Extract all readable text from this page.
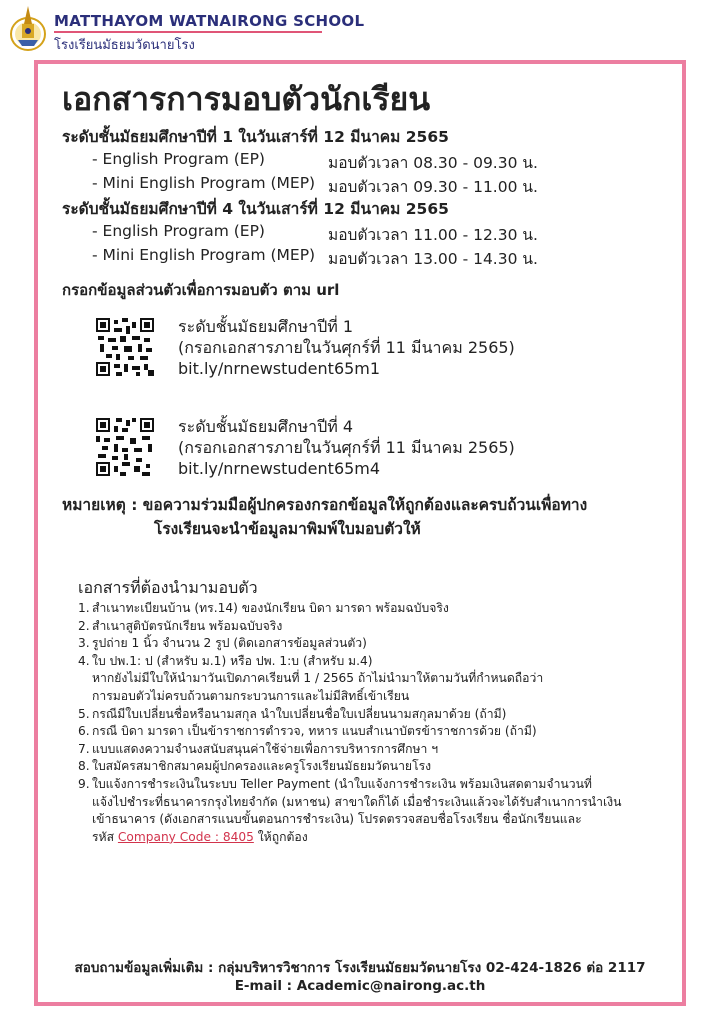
MATTHAYOM WATNAIRONG SCHOOL
โรงเรียนมัธยมวัดนายโรง
เอกสารการมอบตัวนักเรียน
ระดับชั้นมัธยมศึกษาปีที่ 1 ในวันเสาร์ที่ 12 มีนาคม 2565
- English Program (EP)	มอบตัวเวลา 08.30 - 09.30 น.
- Mini English Program (MEP) มอบตัวเวลา 09.30 - 11.00 น.
ระดับชั้นมัธยมศึกษาปีที่ 4 ในวันเสาร์ที่ 12 มีนาคม 2565
- English Program (EP)	มอบตัวเวลา 11.00 - 12.30 น.
- Mini English Program (MEP) มอบตัวเวลา 13.00 - 14.30 น.
กรอกข้อมูลส่วนตัวเพื่อการมอบตัว ตาม url
ระดับชั้นมัธยมศึกษาปีที่ 1
(กรอกเอกสารภายในวันศุกร์ที่ 11 มีนาคม 2565)
bit.ly/nrnewstudent65m1
ระดับชั้นมัธยมศึกษาปีที่ 4
(กรอกเอกสารภายในวันศุกร์ที่ 11 มีนาคม 2565)
bit.ly/nrnewstudent65m4
หมายเหตุ : ขอความร่วมมือผู้ปกครองกรอกข้อมูลให้ถูกต้องและครบถ้วนเพื่อทาง
โรงเรียนจะนำข้อมูลมาพิมพ์ใบมอบตัวให้
เอกสารที่ต้องนำมามอบตัว
1. สำเนาทะเบียนบ้าน (ทร.14) ของนักเรียน บิดา มารดา พร้อมฉบับจริง
2. สำเนาสูติบัตรนักเรียน พร้อมฉบับจริง
3. รูปถ่าย 1 นิ้ว จำนวน 2 รูป (ติดเอกสารข้อมูลส่วนตัว)
4. ใบ ปพ.1: ป (สำหรับ ม.1) หรือ ปพ. 1:บ (สำหรับ ม.4)
หากยังไม่มีใบให้นำมาวันเปิดภาคเรียนที่ 1 / 2565 ถ้าไม่นำมาให้ตามวันที่กำหนดถือว่า
การมอบตัวไม่ครบถ้วนตามกระบวนการและไม่มีสิทธิ์เข้าเรียน
5. กรณีมีใบเปลี่ยนชื่อหรือนามสกุล นำใบเปลี่ยนชื่อใบเปลี่ยนนามสกุลมาด้วย (ถ้ามี)
6. กรณี บิดา มารดา เป็นข้าราชการตำรวจ, ทหาร แนบสำเนาบัตรข้าราชการด้วย (ถ้ามี)
7. แบบแสดงความจำนงสนับสนุนค่าใช้จ่ายเพื่อการบริหารการศึกษา ฯ
8. ใบสมัครสมาชิกสมาคมผู้ปกครองและครูโรงเรียนมัธยมวัดนายโรง
9. ใบแจ้งการชำระเงินในระบบ Teller Payment (นำใบแจ้งการชำระเงิน พร้อมเงินสดตามจำนวนที่
แจ้งไปชำระที่ธนาคารกรุงไทยจำกัด (มหาชน) สาขาใดก็ได้ เมื่อชำระเงินแล้วจะได้รับสำเนาการนำเงิน
เข้าธนาคาร (ดังเอกสารแนบขั้นตอนการชำระเงิน) โปรดตรวจสอบชื่อโรงเรียน ชื่อนักเรียนและ
รหัส Company Code : 8405 ให้ถูกต้อง
สอบถามข้อมูลเพิ่มเติม : กลุ่มบริหารวิชาการ โรงเรียนมัธยมวัดนายโรง 02-424-1826 ต่อ 2117
E-mail : Academic@nairong.ac.th
